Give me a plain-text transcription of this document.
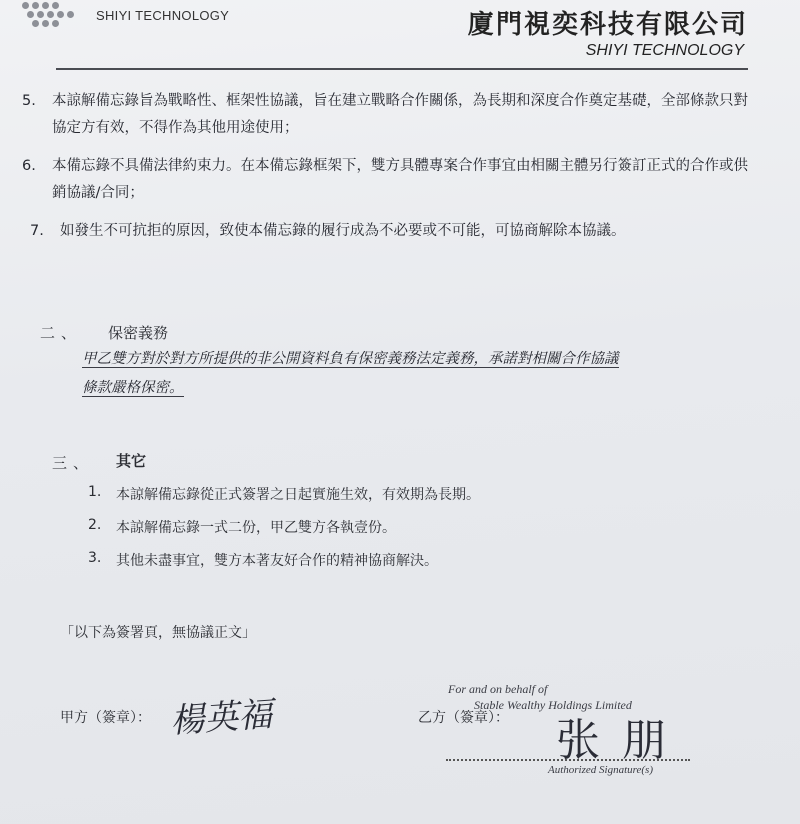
SHIYI TECHNOLOGY	廈門視奕科技有限公司
SHIYI TECHNOLOGY
5. 本諒解備忘錄旨為戰略性、框架性協議，旨在建立戰略合作關係，為長期和深度合作奠定基礎，全部條款只對協定方有效，不得作為其他用途使用；
6. 本備忘錄不具備法律約束力。在本備忘錄框架下，雙方具體專案合作事宜由相關主體另行簽訂正式的合作或供銷協議/合同；
7. 如發生不可抗拒的原因，致使本備忘錄的履行成為不必要或不可能，可協商解除本協議。
二、 保密義務
甲乙雙方對於對方所提供的非公開資料負有保密義務法定義務，承諾對相關合作協議
條款嚴格保密。
三、 其它
1. 本諒解備忘錄從正式簽署之日起實施生效，有效期為長期。
2. 本諒解備忘錄一式二份，甲乙雙方各執壹份。
3. 其他未盡事宜，雙方本著友好合作的精神協商解決。
「以下為簽署頁，無協議正文」
甲方（簽章）： 楊英福
For and on behalf of
Stable Wealthy Holdings Limited
乙方（簽章）： 张朋
Authorized Signature(s)
